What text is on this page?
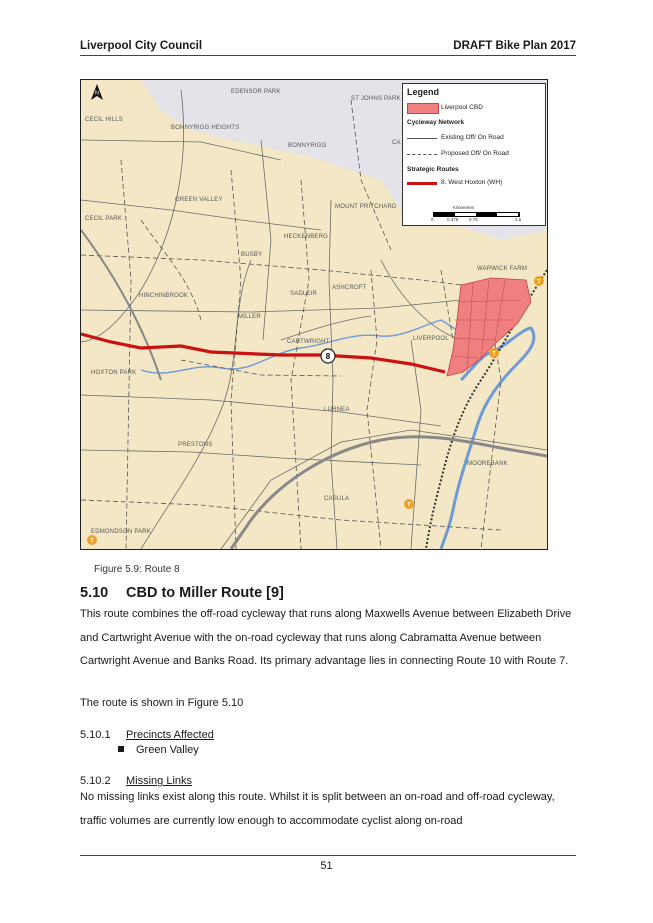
Liverpool City Council	DRAFT Bike Plan 2017
8
T
T
T
T
N	EDENSOR PARK
ST JOHNS PARK
CECIL HILLS
BONNYRIGG HEIGHTS
BONNYRIGG	CA
GREEN VALLEY
MOUNT PRITCHARD
CECIL PARK
HECKENBERG
BUSBY
WARWICK FARM
HINCHINBROOK	SADLEIR
ASHCROFT
MILLER
CARTWRIGHT	LIVERPOOL
HOXTON PARK
LURNEA
PRESTONS
MOOREBANK
CASULA
EDMONDSON PARK
Legend
Liverpool CBD
Cycleway Network
Existing Off/ On Road
Proposed Off/ On Road
Strategic Routes
8. West Hoxton (WH)
Kilometres
0	0.375 0.75	1.5
Figure 5.9: Route 8
5.10 CBD to Miller Route [9]
This route combines the off-road cycleway that runs along Maxwells Avenue between Elizabeth Drive and Cartwright Avenue with the on-road cycleway that runs along Cabramatta Avenue between Cartwright Avenue and Banks Road. Its primary advantage lies in connecting Route 10 with Route 7.
The route is shown in Figure 5.10
5.10.1 Precincts Affected
Green Valley
5.10.2 Missing Links
No missing links exist along this route. Whilst it is split between an on-road and off-road cycleway, traffic volumes are currently low enough to accommodate cyclist along on-road
51
